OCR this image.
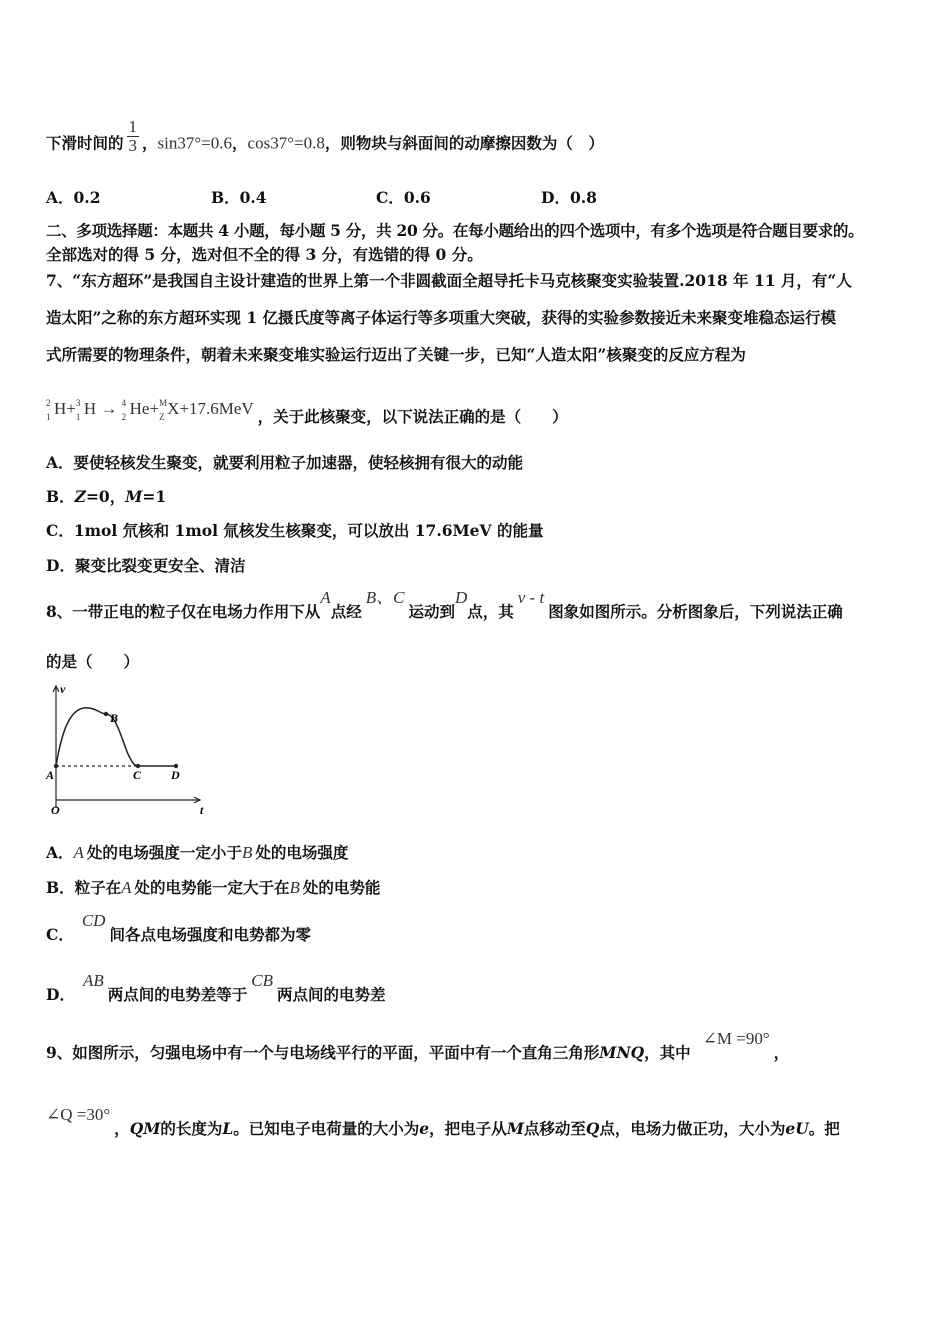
下滑时间的 $\frac{1}{3}$ ，sin37°=0.6，cos37°=0.8，则物块与斜面间的动摩擦因数为（　）
A．0.2	B．0.4	C．0.6	D．0.8
二、多项选择题：本题共 4 小题，每小题 5 分，共 20 分。在每小题给出的四个选项中，有多个选项是符合题目要求的。
全部选对的得 5 分，选对但不全的得 3 分，有选错的得 0 分。
7、“东方超环”是我国自主设计建造的世界上第一个非圆截面全超导托卡马克核聚变实验装置.2018 年 11 月，有“人
造太阳”之称的东方超环实现 1 亿摄氏度等离子体运行等多项重大突破，获得的实验参数接近未来聚变堆稳态运行模
式所需要的物理条件，朝着未来聚变堆实验运行迈出了关键一步，已知“人造太阳”核聚变的反应方程为
2
1 H+ 3
1 H → 4
2 He+ M
Z X+17.6MeV ，关于此核聚变，以下说法正确的是（　　）
A．要使轻核发生聚变，就要利用粒子加速器，使轻核拥有很大的动能
B．Z=0，M=1
C．1mol 氘核和 1mol 氚核发生核聚变，可以放出 17.6MeV 的能量
D．聚变比裂变更安全、清洁
8、一带正电的粒子仅在电场力作用下从A点经B、C运动到D点，其v - t图象如图所示。分析图象后，下列说法正确
的是（　　）
v
t
O
A
B
C D
A．A 处的电场强度一定小于B 处的电场强度
B．粒子在A 处的电势能一定大于在B 处的电势能
C．CD间各点电场强度和电势都为零
D．AB两点间的电势差等于CB两点间的电势差
9、如图所示，匀强电场中有一个与电场线平行的平面，平面中有一个直角三角形MNQ，其中∠M =90°，
∠Q =30°，QM的长度为L。已知电子电荷量的大小为e，把电子从M点移动至Q点，电场力做正功，大小为eU。把
